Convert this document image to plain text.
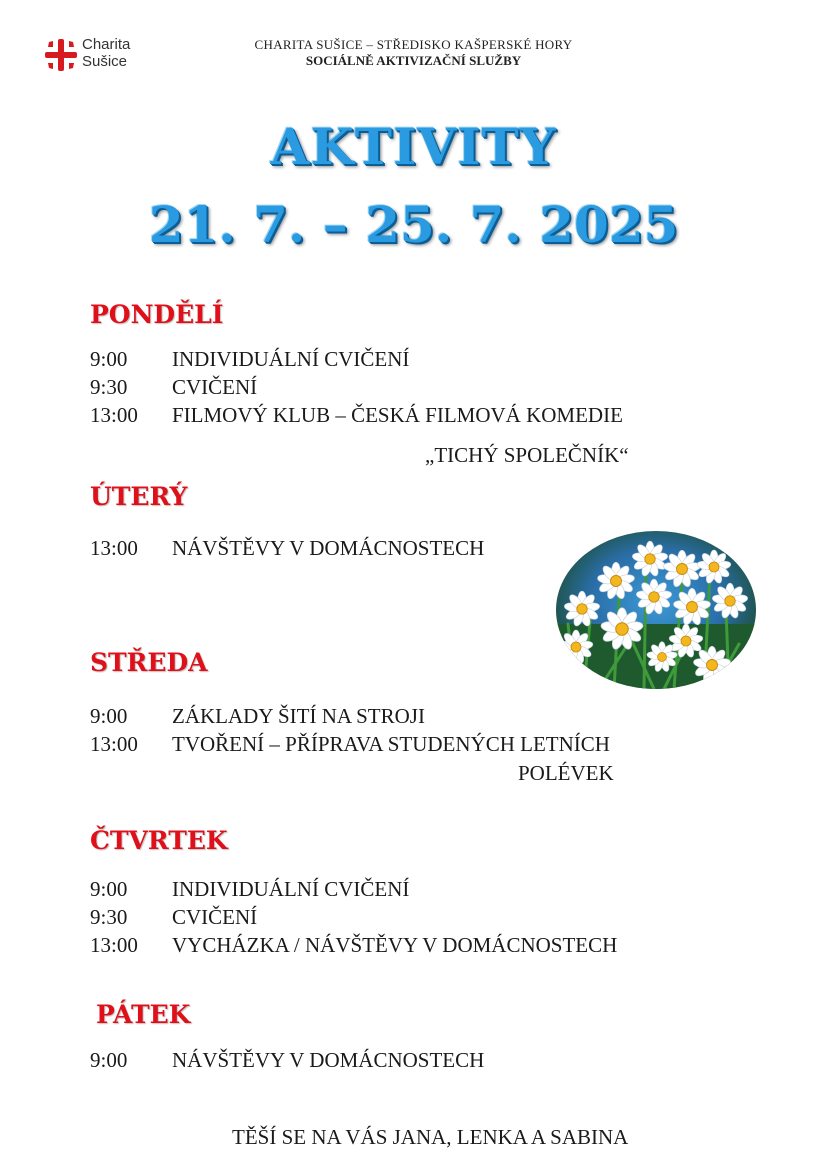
Charita
Sušice
CHARITA SUŠICE – STŘEDISKO KAŠPERSKÉ HORY
SOCIÁLNĚ AKTIVIZAČNÍ SLUŽBY
AKTIVITY
21. 7. – 25. 7. 2025
PONDĚLÍ
9:00 INDIVIDUÁLNÍ CVIČENÍ
9:30 CVIČENÍ
13:00 FILMOVÝ KLUB – ČESKÁ FILMOVÁ KOMEDIE
„TICHÝ SPOLEČNÍK“
ÚTERÝ
13:00 NÁVŠTĚVY V DOMÁCNOSTECH
STŘEDA
9:00 ZÁKLADY ŠITÍ NA STROJI
13:00 TVOŘENÍ – PŘÍPRAVA STUDENÝCH LETNÍCH
POLÉVEK
ČTVRTEK
9:00 INDIVIDUÁLNÍ CVIČENÍ
9:30 CVIČENÍ
13:00 VYCHÁZKA / NÁVŠTĚVY V DOMÁCNOSTECH
PÁTEK
9:00 NÁVŠTĚVY V DOMÁCNOSTECH
TĚŠÍ SE NA VÁS JANA, LENKA A SABINA
